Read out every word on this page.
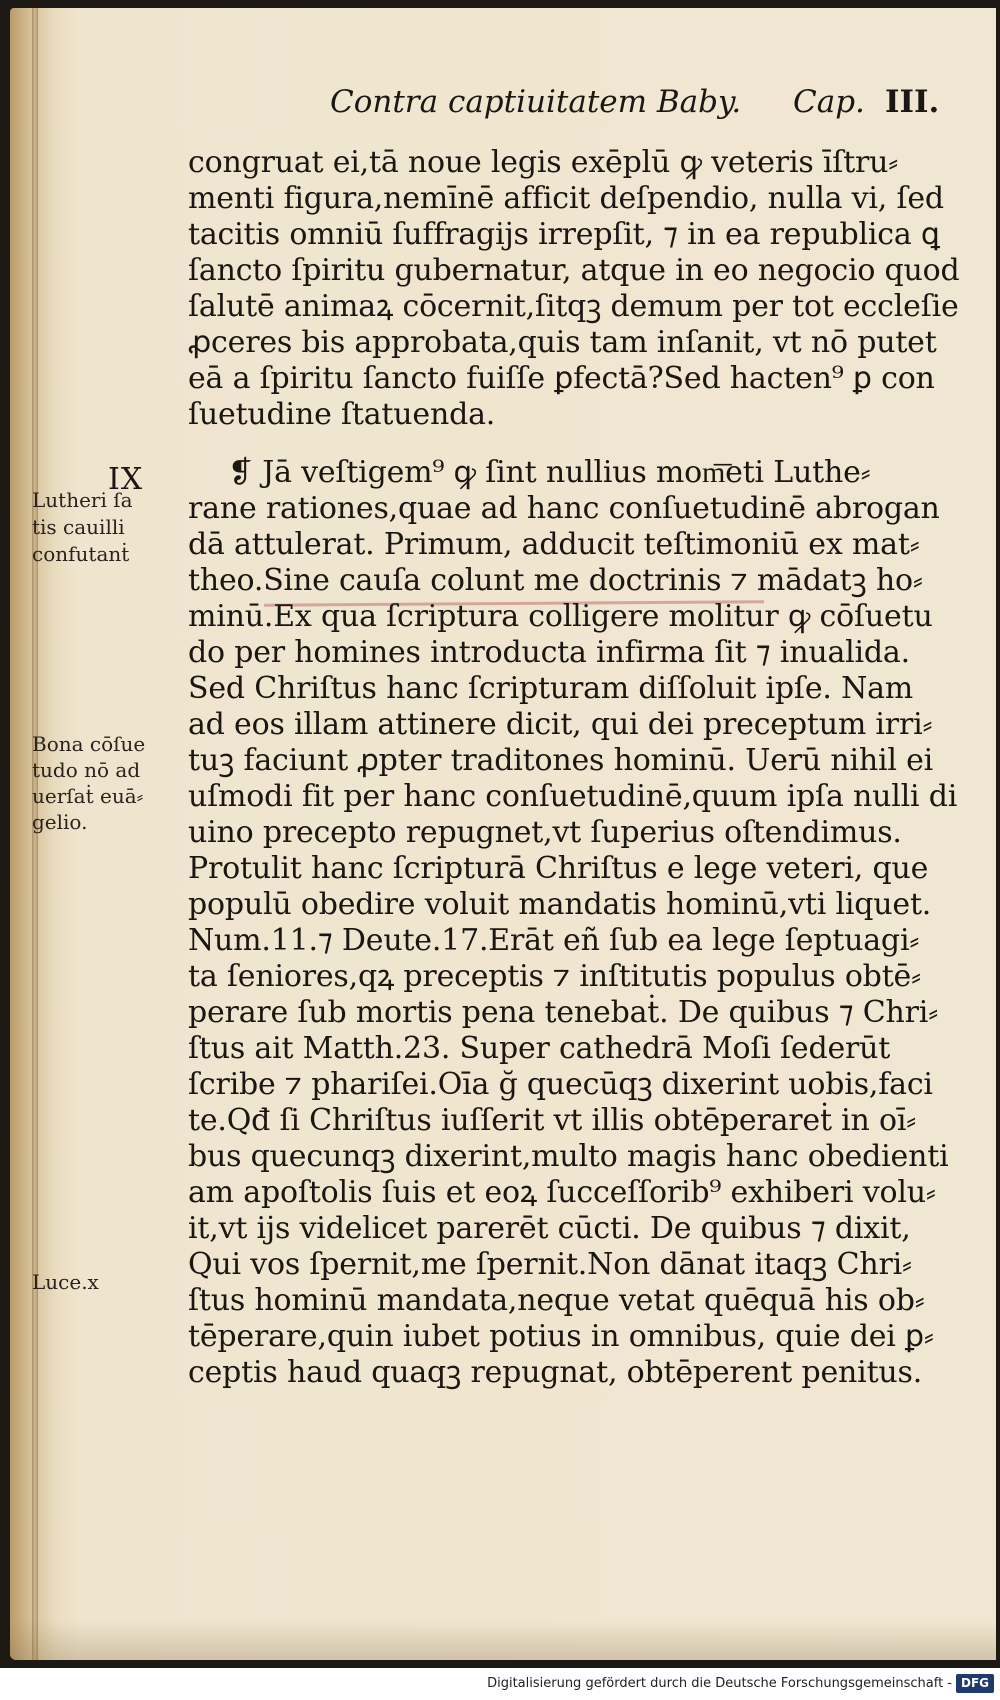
Contra captiuitatem Baby. Cap. III.
IX
Lutheri ſa
tis cauilli
confutanṫ
Bona cōſue
tudo nō ad
uerſaṫ euā⸗
gelio.
Luce.x
congruat ei,tā noue legis exēplū ꝙ veteris īſtru⸗
menti figura,nemīnē afficit deſpendio, nulla vi, ſed
tacitis omniū ſuffragijs irrepſit, ⁊ in ea republica ꝗ
ſancto ſpiritu gubernatur, atque in eo negocio quod
ſalutē animaꝝ cōcernit,ſitqꝫ demum per tot eccleſie
ꝓceres bis approbata,quis tam inſanit, vt nō putet
eā a ſpiritu ſancto fuiſſe ꝑfectā?Sed hacten⁹ ꝑ con
ſuetudine ſtatuenda.
❡ Jā veſtigem⁹ ꝙ ſint nullius mom͞eti Luthe⸗
rane rationes,quae ad hanc conſuetudinē abrogan
dā attulerat. Primum, adducit teſtimoniū ex mat⸗
theo.Sine cauſa colunt me doctrinis ⁊ mādatꝫ ho⸗
minū.Ex qua ſcriptura colligere molitur ꝙ cōſuetu
do per homines introducta infirma ſit ⁊ inualida.
Sed Chriſtus hanc ſcripturam diſſoluit ipſe. Nam
ad eos illam attinere dicit, qui dei preceptum irri⸗
tuꝫ faciunt ꝓpter traditones hominū. Uerū nihil ei
uſmodi fit per hanc conſuetudinē,quum ipſa nulli di
uino precepto repugnet,vt ſuperius oſtendimus.
Protulit hanc ſcripturā Chriſtus e lege veteri, que
populū obedire voluit mandatis hominū,vti liquet.
Num.11.⁊ Deute.17.Erāt eñ ſub ea lege ſeptuagi⸗
ta ſeniores,qꝝ preceptis ⁊ inſtitutis populus obtē⸗
perare ſub mortis pena tenebaṫ. De quibus ⁊ Chri⸗
ſtus ait Matth.23. Super cathedrā Moſi ſederūt
ſcribe ⁊ phariſei.Oīa ğ quecūqꝫ dixerint uobis,faci
te.Qđ ſi Chriſtus iuſſerit vt illis obtēperareṫ in oī⸗
bus quecunqꝫ dixerint,multo magis hanc obedienti
am apoſtolis ſuis et eoꝝ ſucceſſorib⁹ exhiberi volu⸗
it,vt ijs videlicet parerēt cūcti. De quibus ⁊ dixit,
Qui vos ſpernit,me ſpernit.Non dānat itaqꝫ Chri⸗
ſtus hominū mandata,neque vetat quēquā his ob⸗
tēperare,quin iubet potius in omnibus, quie dei ꝑ⸗
ceptis haud quaqꝫ repugnat, obtēperent penitus.
Digitalisierung gefördert durch die Deutsche Forschungsgemeinschaft - DFG
